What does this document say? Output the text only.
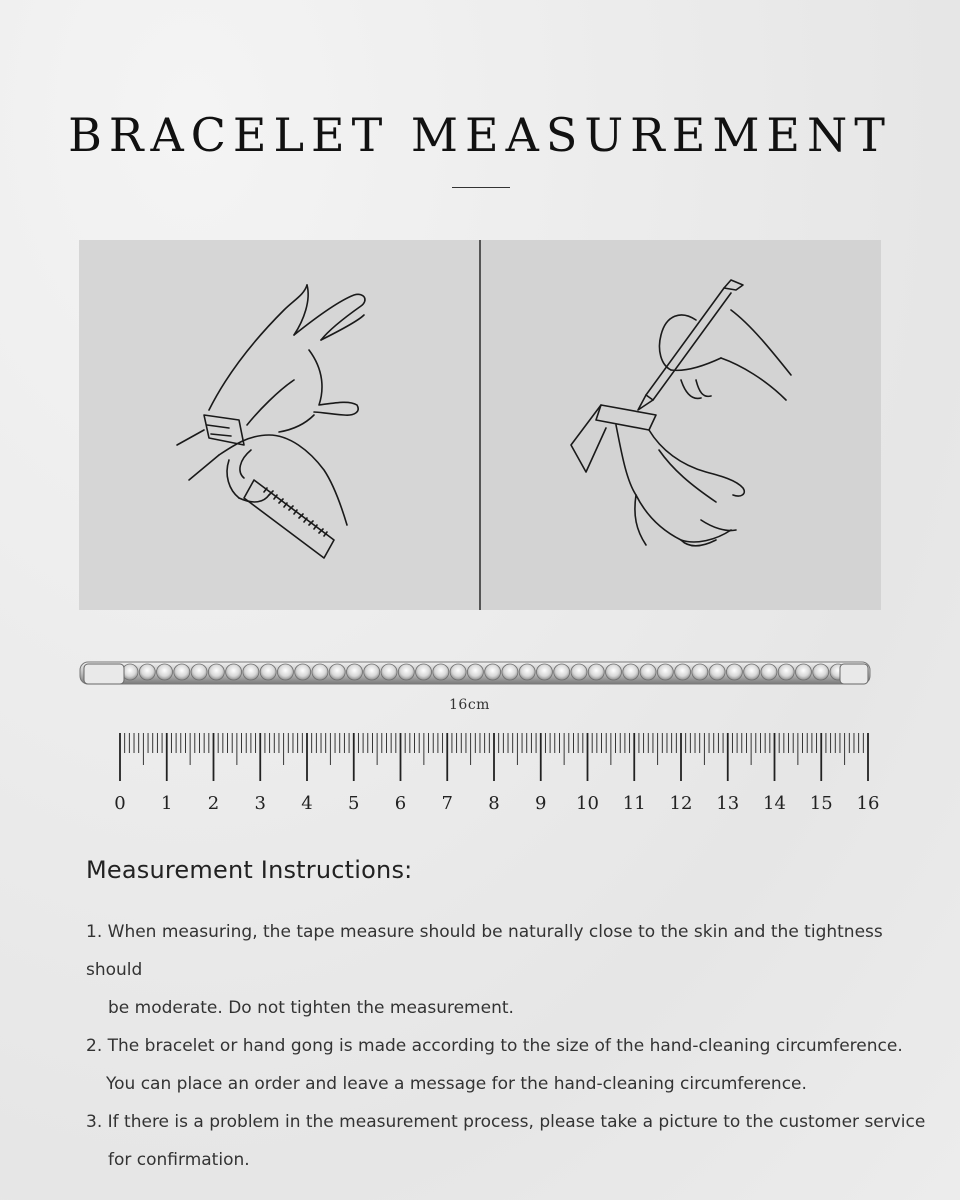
BRACELET MEASUREMENT
16cm
0 1 2 3 4 5 6 7 8 9 10 11 12 13 14 15 16
Measurement Instructions:
1. When measuring, the tape measure should be naturally close to the skin and the tightness should
be moderate. Do not tighten the measurement.
2. The bracelet or hand gong is made according to the size of the hand-cleaning circumference.
You can place an order and leave a message for the hand-cleaning circumference.
3. If there is a problem in the measurement process, please take a picture to the customer service
for confirmation.
